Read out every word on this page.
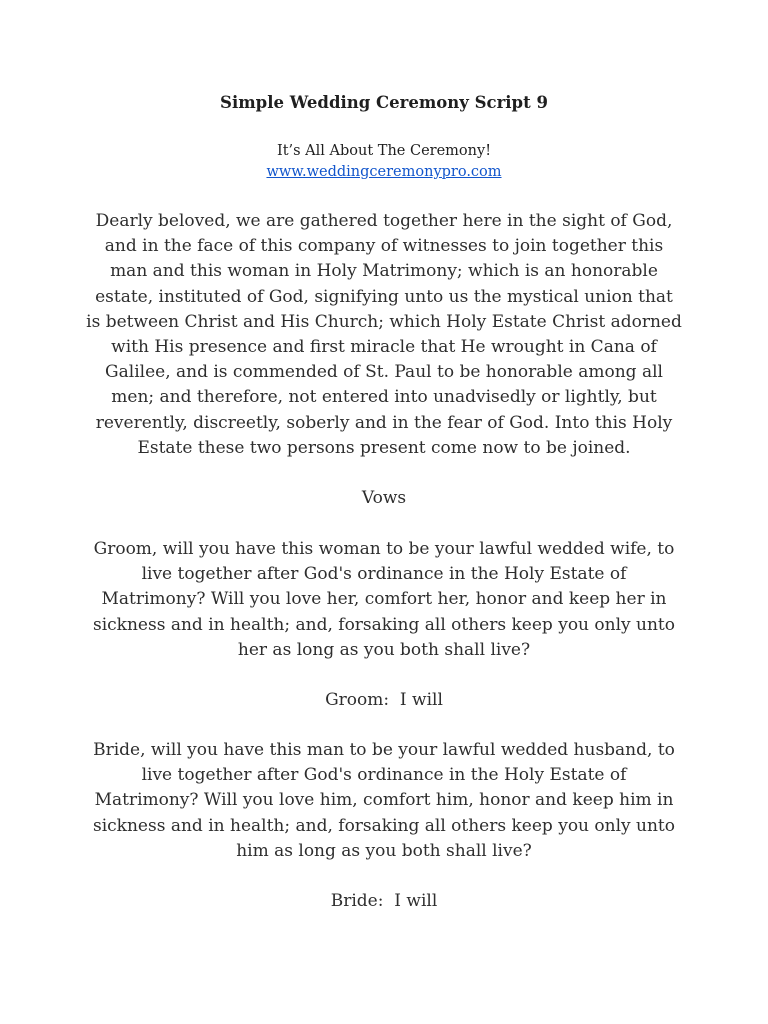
Simple Wedding Ceremony Script 9
It’s All About The Ceremony!
www.weddingceremonypro.com
Dearly beloved, we are gathered together here in the sight of God,
and in the face of this company of witnesses to join together this
man and this woman in Holy Matrimony; which is an honorable
estate, instituted of God, signifying unto us the mystical union that
is between Christ and His Church; which Holy Estate Christ adorned
with His presence and first miracle that He wrought in Cana of
Galilee, and is commended of St. Paul to be honorable among all
men; and therefore, not entered into unadvisedly or lightly, but
reverently, discreetly, soberly and in the fear of God. Into this Holy
Estate these two persons present come now to be joined.
Vows
Groom, will you have this woman to be your lawful wedded wife, to
live together after God's ordinance in the Holy Estate of
Matrimony? Will you love her, comfort her, honor and keep her in
sickness and in health; and, forsaking all others keep you only unto
her as long as you both shall live?
Groom:  I will
Bride, will you have this man to be your lawful wedded husband, to
live together after God's ordinance in the Holy Estate of
Matrimony? Will you love him, comfort him, honor and keep him in
sickness and in health; and, forsaking all others keep you only unto
him as long as you both shall live?
Bride:  I will
